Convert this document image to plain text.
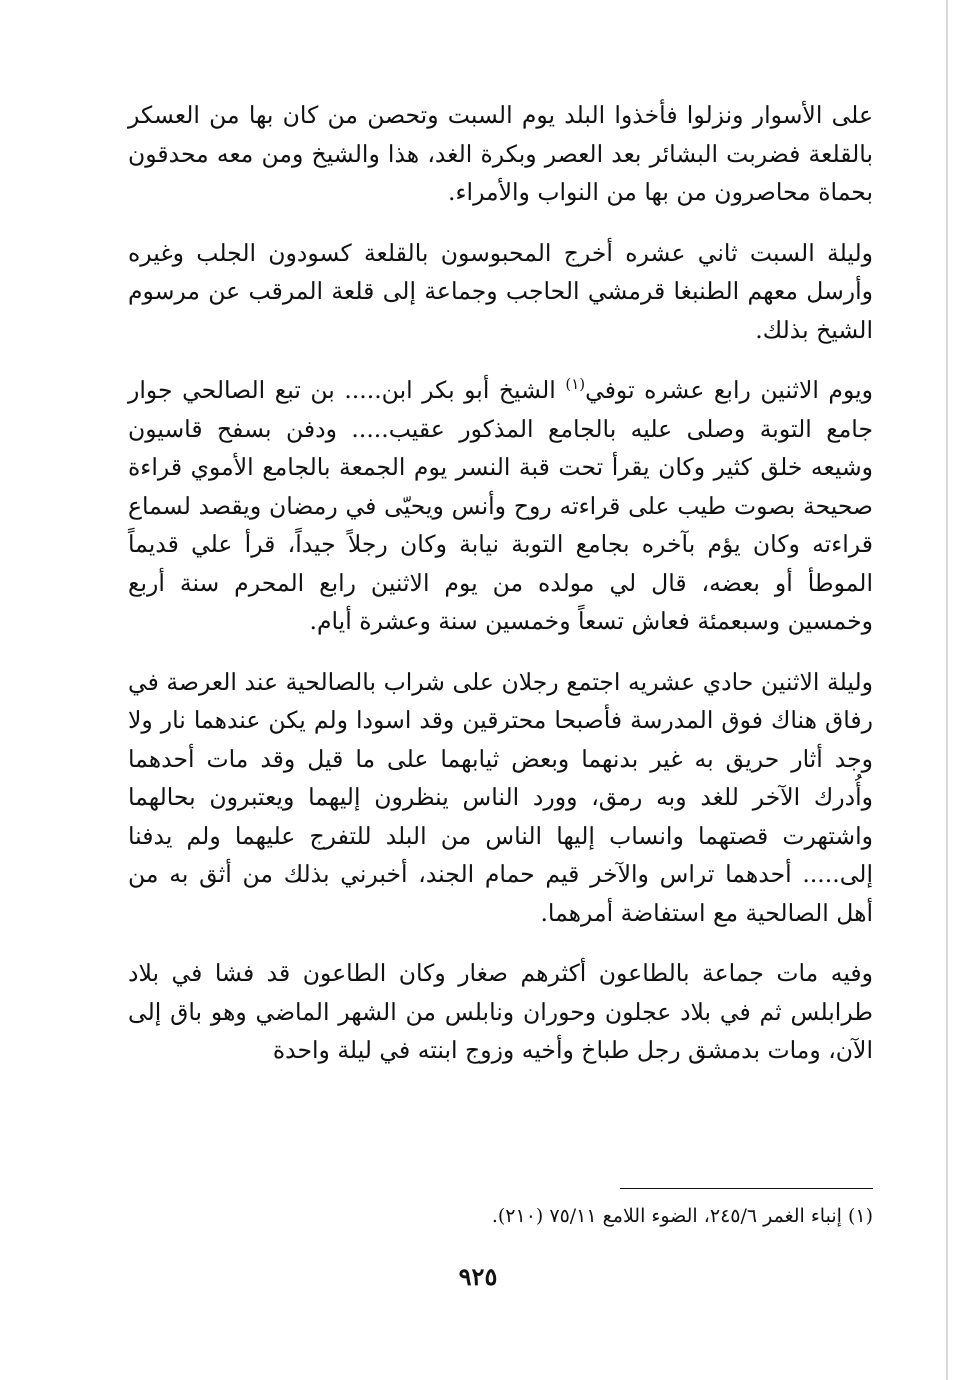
على الأسوار ونزلوا فأخذوا البلد يوم السبت وتحصن من كان بها من العسكر بالقلعة فضربت البشائر بعد العصر وبكرة الغد، هذا والشيخ ومن معه محدقون بحماة محاصرون من بها من النواب والأمراء.

وليلة السبت ثاني عشره أخرج المحبوسون بالقلعة كسودون الجلب وغيره وأرسل معهم الطنبغا قرمشي الحاجب وجماعة إلى قلعة المرقب عن مرسوم الشيخ بذلك.

ويوم الاثنين رابع عشره توفي$^{(١)}$ الشيخ أبو بكر ابن..... بن تبع الصالحي جوار جامع التوبة وصلى عليه بالجامع المذكور عقيب..... ودفن بسفح قاسيون وشيعه خلق كثير وكان يقرأ تحت قبة النسر يوم الجمعة بالجامع الأموي قراءة صحيحة بصوت طيب على قراءته روح وأنس ويحيّى في رمضان ويقصد لسماع قراءته وكان يؤم بآخره بجامع التوبة نيابة وكان رجلاً جيداً، قرأ علي قديماً الموطأ أو بعضه، قال لي مولده من يوم الاثنين رابع المحرم سنة أربع وخمسين وسبعمئة فعاش تسعاً وخمسين سنة وعشرة أيام.

وليلة الاثنين حادي عشريه اجتمع رجلان على شراب بالصالحية عند العرصة في رفاق هناك فوق المدرسة فأصبحا محترقين وقد اسودا ولم يكن عندهما نار ولا وجد أثار حريق به غير بدنهما وبعض ثيابهما على ما قيل وقد مات أحدهما وأُدرك الآخر للغد وبه رمق، وورد الناس ينظرون إليهما ويعتبرون بحالهما واشتهرت قصتهما وانساب إليها الناس من البلد للتفرج عليهما ولم يدفنا إلى..... أحدهما تراس والآخر قيم حمام الجند، أخبرني بذلك من أثق به من أهل الصالحية مع استفاضة أمرهما.

وفيه مات جماعة بالطاعون أكثرهم صغار وكان الطاعون قد فشا في بلاد طرابلس ثم في بلاد عجلون وحوران ونابلس من الشهر الماضي وهو باق إلى الآن، ومات بدمشق رجل طباخ وأخيه وزوج ابنته في ليلة واحدة

(١) إنباء الغمر ٢٤٥/٦، الضوء اللامع ٧٥/١١ (٢١٠).
٩٢٥
